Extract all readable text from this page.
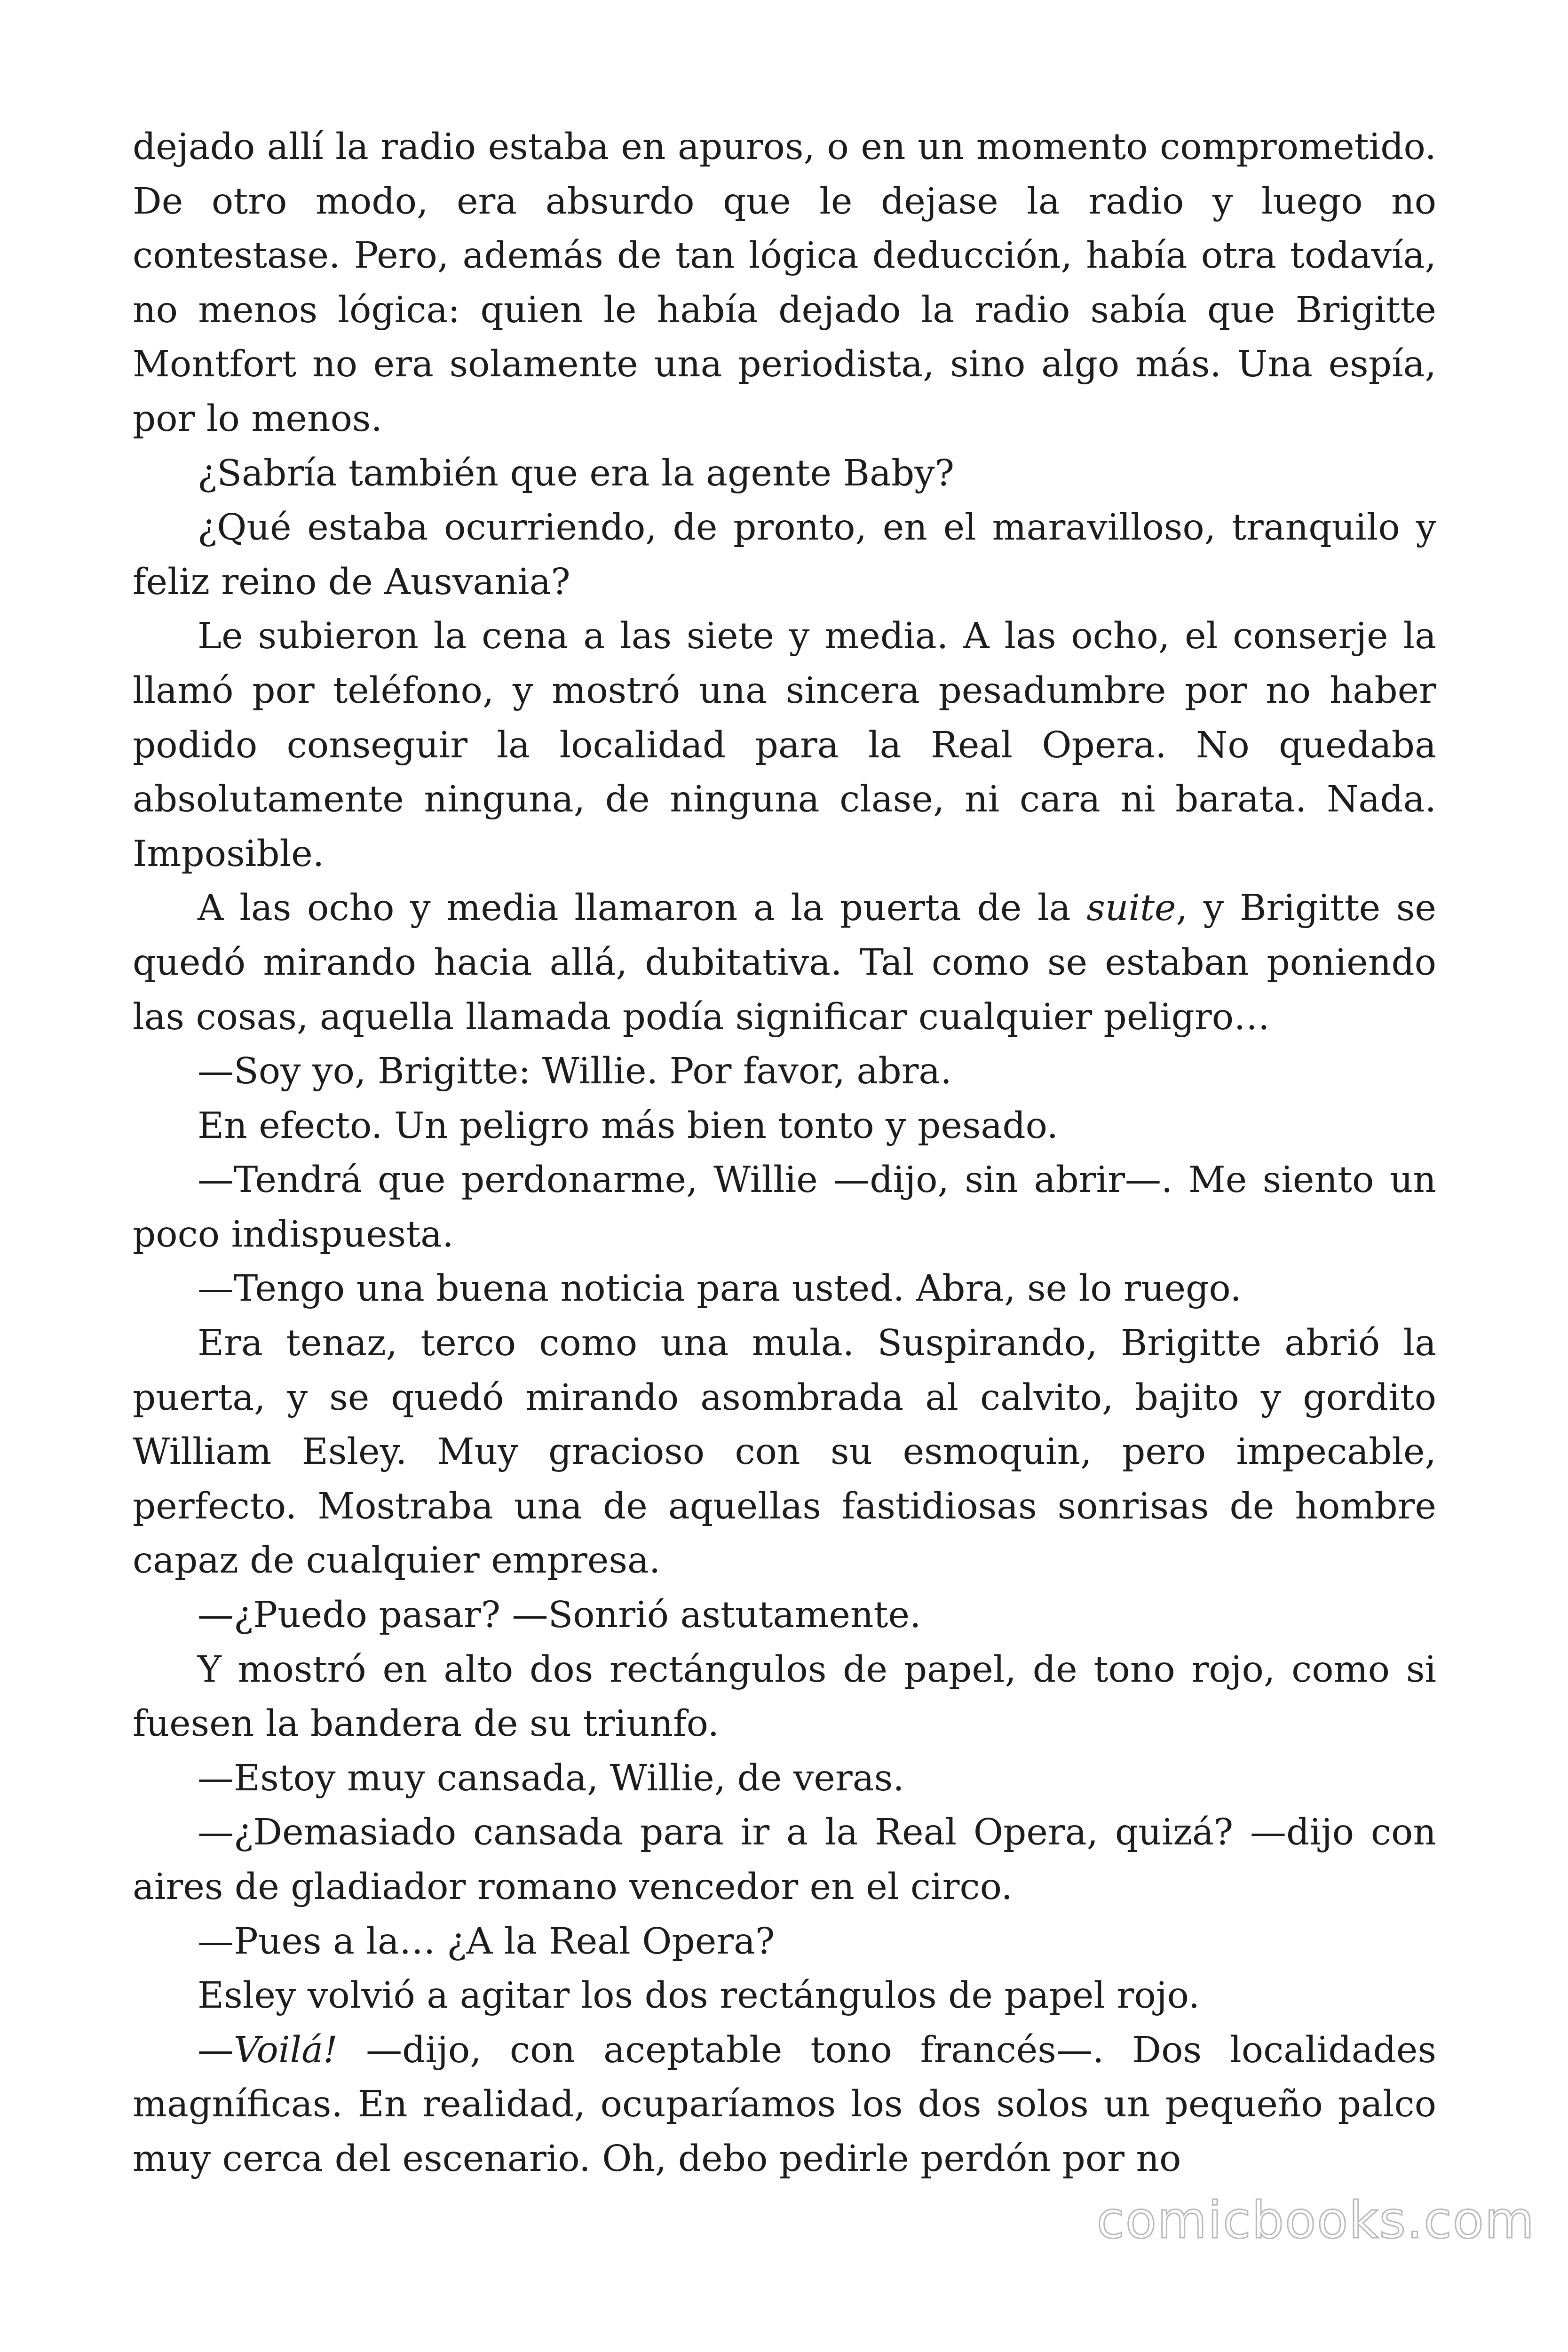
dejado allí la radio estaba en apuros, o en un momento comprometido. De otro modo, era absurdo que le dejase la radio y luego no contestase. Pero, además de tan lógica deducción, había otra todavía, no menos lógica: quien le había dejado la radio sabía que Brigitte Montfort no era solamente una periodista, sino algo más. Una espía, por lo menos.

¿Sabría también que era la agente Baby?

¿Qué estaba ocurriendo, de pronto, en el maravilloso, tranquilo y feliz reino de Ausvania?

Le subieron la cena a las siete y media. A las ocho, el conserje la llamó por teléfono, y mostró una sincera pesadumbre por no haber podido conseguir la localidad para la Real Opera. No quedaba absolutamente ninguna, de ninguna clase, ni cara ni barata. Nada. Imposible.

A las ocho y media llamaron a la puerta de la suite, y Brigitte se quedó mirando hacia allá, dubitativa. Tal como se estaban poniendo las cosas, aquella llamada podía significar cualquier peligro…

—Soy yo, Brigitte: Willie. Por favor, abra.

En efecto. Un peligro más bien tonto y pesado.

—Tendrá que perdonarme, Willie —dijo, sin abrir—. Me siento un poco indispuesta.

—Tengo una buena noticia para usted. Abra, se lo ruego.

Era tenaz, terco como una mula. Suspirando, Brigitte abrió la puerta, y se quedó mirando asombrada al calvito, bajito y gordito William Esley. Muy gracioso con su esmoquin, pero impecable, perfecto. Mostraba una de aquellas fastidiosas sonrisas de hombre capaz de cualquier empresa.

—¿Puedo pasar? —Sonrió astutamente.

Y mostró en alto dos rectángulos de papel, de tono rojo, como si fuesen la bandera de su triunfo.

—Estoy muy cansada, Willie, de veras.

—¿Demasiado cansada para ir a la Real Opera, quizá? —dijo con aires de gladiador romano vencedor en el circo.

—Pues a la… ¿A la Real Opera?

Esley volvió a agitar los dos rectángulos de papel rojo.

—Voilá! —dijo, con aceptable tono francés—. Dos localidades magníficas. En realidad, ocuparíamos los dos solos un pequeño palco muy cerca del escenario. Oh, debo pedirle perdón por no

comicbooks.com
